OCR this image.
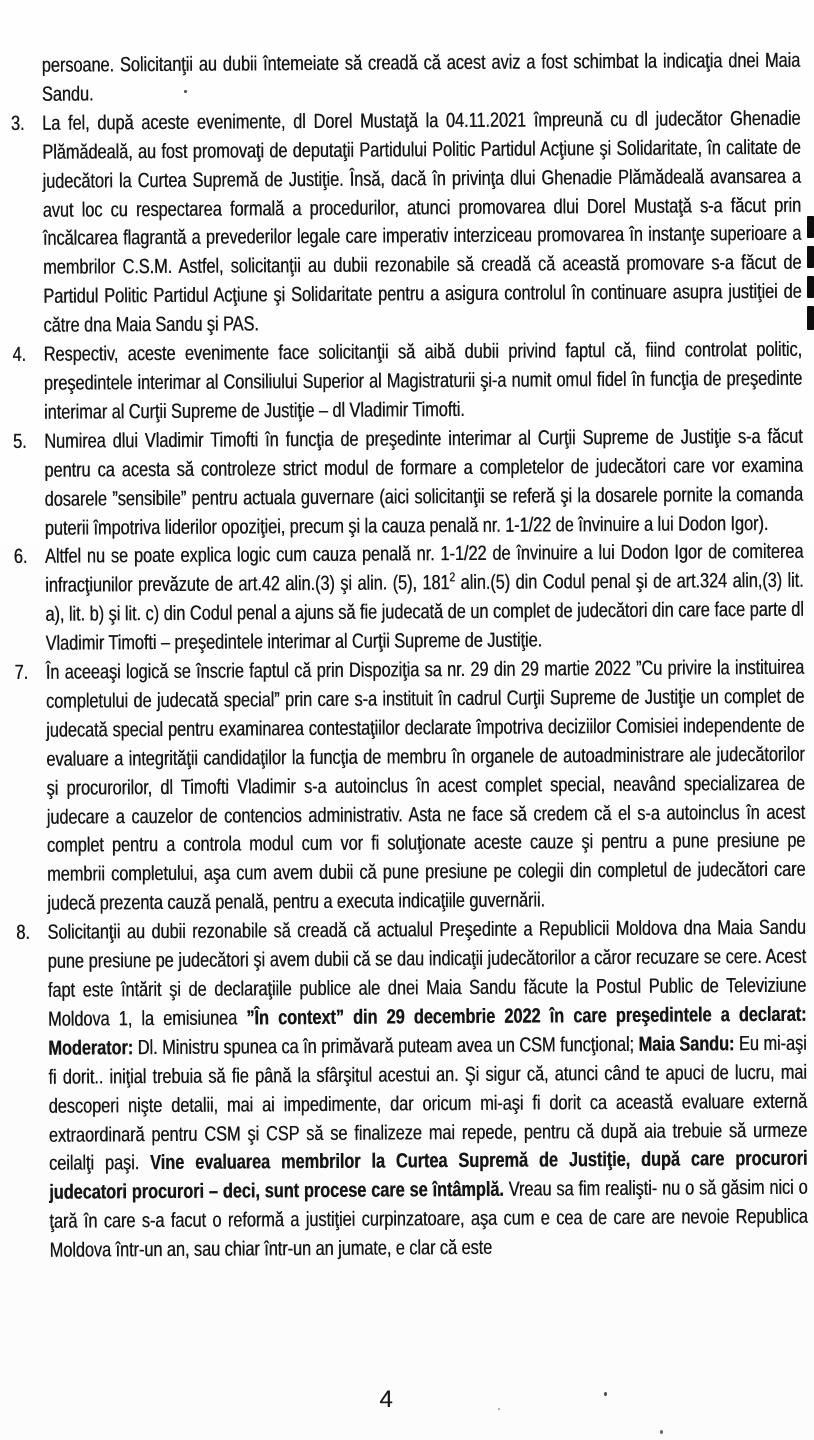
persoane. Solicitanţii au dubii întemeiate să creadă că acest aviz a fost schimbat la indicaţia dnei Maia Sandu.

3. La fel, după aceste evenimente, dl Dorel Mustaţă la 04.11.2021 împreună cu dl judecător Ghenadie Plămădeală, au fost promovaţi de deputaţii Partidului Politic Partidul Acţiune şi Solidaritate, în calitate de judecători la Curtea Supremă de Justiţie. Însă, dacă în privinţa dlui Ghenadie Plămădeală avansarea a avut loc cu respectarea formală a procedurilor, atunci promovarea dlui Dorel Mustaţă s-a făcut prin încălcarea flagrantă a prevederilor legale care imperativ interziceau promovarea în instanţe superioare a membrilor C.S.M. Astfel, solicitanţii au dubii rezonabile să creadă că această promovare s-a făcut de Partidul Politic Partidul Acţiune şi Solidaritate pentru a asigura controlul în continuare asupra justiţiei de către dna Maia Sandu şi PAS.
4. Respectiv, aceste evenimente face solicitanţii să aibă dubii privind faptul că, fiind controlat politic, preşedintele interimar al Consiliului Superior al Magistraturii şi-a numit omul fidel în funcţia de preşedinte interimar al Curţii Supreme de Justiţie – dl Vladimir Timofti.
5. Numirea dlui Vladimir Timofti în funcţia de preşedinte interimar al Curţii Supreme de Justiţie s-a făcut pentru ca acesta să controleze strict modul de formare a completelor de judecători care vor examina dosarele ”sensibile” pentru actuala guvernare (aici solicitanţii se referă şi la dosarele pornite la comanda puterii împotriva liderilor opoziţiei, precum şi la cauza penală nr. 1-1/22 de învinuire a lui Dodon Igor).
6. Altfel nu se poate explica logic cum cauza penală nr. 1-1/22 de învinuire a lui Dodon Igor de comiterea infracţiunilor prevăzute de art.42 alin.(3) şi alin. (5), $181^2$ alin.(5) din Codul penal şi de art.324 alin,(3) lit. a), lit. b) şi lit. c) din Codul penal a ajuns să fie judecată de un complet de judecători din care face parte dl Vladimir Timofti – preşedintele interimar al Curţii Supreme de Justiţie.
7. În aceeaşi logică se înscrie faptul că prin Dispoziţia sa nr. 29 din 29 martie 2022 ”Cu privire la instituirea completului de judecată special” prin care s-a instituit în cadrul Curţii Supreme de Justiţie un complet de judecată special pentru examinarea contestaţiilor declarate împotriva deciziilor Comisiei independente de evaluare a integrităţii candidaţilor la funcţia de membru în organele de autoadministrare ale judecătorilor şi procurorilor, dl Timofti Vladimir s-a autoinclus în acest complet special, neavând specializarea de judecare a cauzelor de contencios administrativ. Asta ne face să credem că el s-a autoinclus în acest complet pentru a controla modul cum vor fi soluţionate aceste cauze şi pentru a pune presiune pe membrii completului, aşa cum avem dubii că pune presiune pe colegii din completul de judecători care judecă prezenta cauză penală, pentru a executa indicaţiile guvernării.
8. Solicitanţii au dubii rezonabile să creadă că actualul Preşedinte a Republicii Moldova dna Maia Sandu pune presiune pe judecători şi avem dubii că se dau indicaţii judecătorilor a căror recuzare se cere. Acest fapt este întărit şi de declaraţiile publice ale dnei Maia Sandu făcute la Postul Public de Televiziune Moldova 1, la emisiunea ”În context” din 29 decembrie 2022 în care preşedintele a declarat: Moderator: Dl. Ministru spunea ca în primăvară puteam avea un CSM funcţional; Maia Sandu: Eu mi-aşi fi dorit.. iniţial trebuia să fie până la sfârşitul acestui an. Şi sigur că, atunci când te apuci de lucru, mai descoperi nişte detalii, mai ai impedimente, dar oricum mi-aşi fi dorit ca această evaluare externă extraordinară pentru CSM şi CSP să se finalizeze mai repede, pentru că după aia trebuie să urmeze ceilalţi paşi. Vine evaluarea membrilor la Curtea Supremă de Justiţie, după care procurori judecatori procurori – deci, sunt procese care se întâmplă. Vreau sa fim realişti- nu o să găsim nici o ţară în care s-a facut o reformă a justiţiei curpinzatoare, aşa cum e cea de care are nevoie Republica Moldova într-un an, sau chiar într-un an jumate, e clar că este
4
